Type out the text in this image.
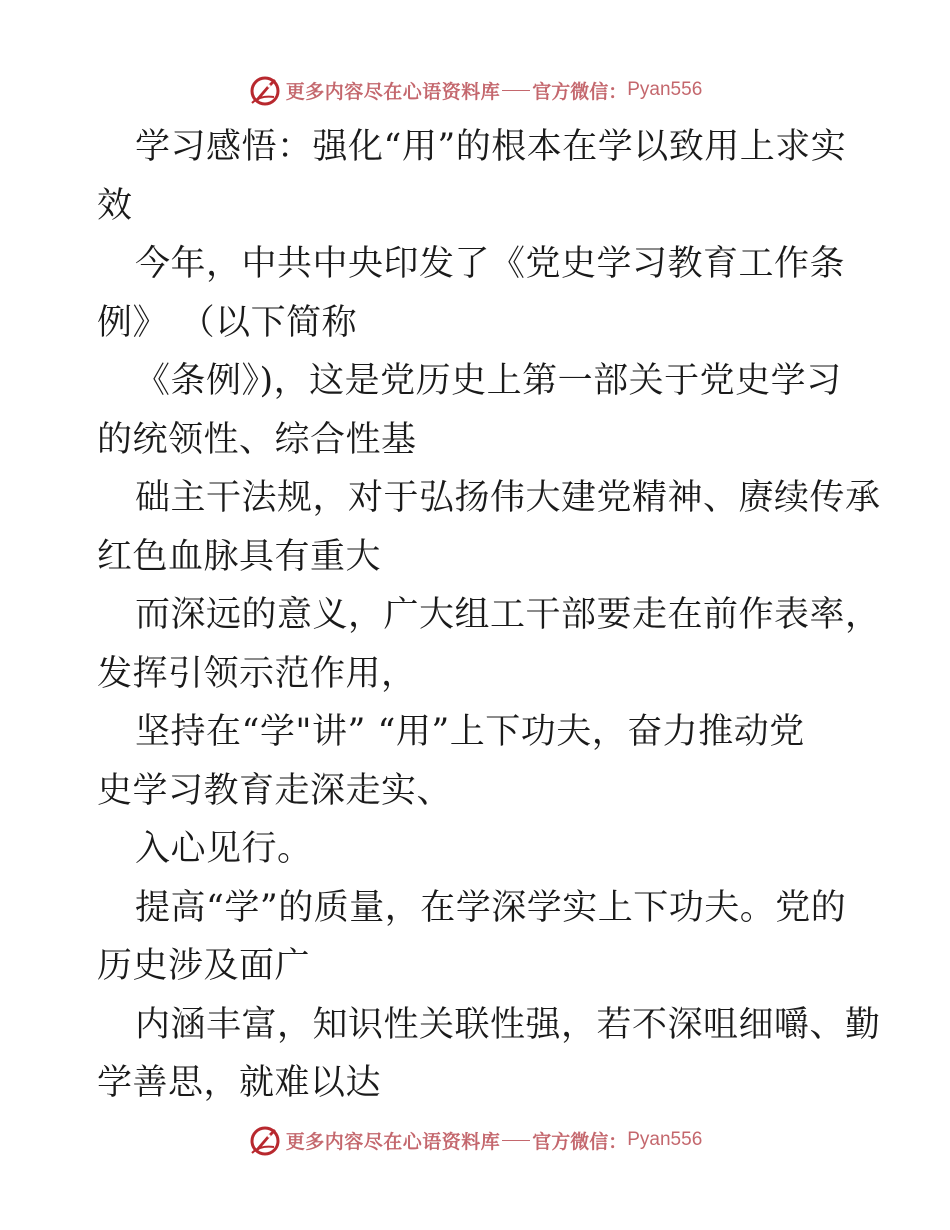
更多内容尽在心语资料库 官方微信： Pyan556

学习感悟：强化“用”的根本在学以致用上求实
效

今年，中共中央印发了《党史学习教育工作条
例》 （以下简称

《条例》)，这是党历史上第一部关于党史学习
的统领性、综合性基

础主干法规，对于弘扬伟大建党精神、赓续传承
红色血脉具有重大

而深远的意义，广大组工干部要走在前作表率，
发挥引领示范作用，

坚持在“学"讲” “用”上下功夫，奋力推动党
史学习教育走深走实、

入心见行。

提高“学”的质量，在学深学实上下功夫。党的
历史涉及面广

内涵丰富，知识性关联性强，若不深咀细嚼、勤
学善思，就难以达

更多内容尽在心语资料库 官方微信： Pyan556
